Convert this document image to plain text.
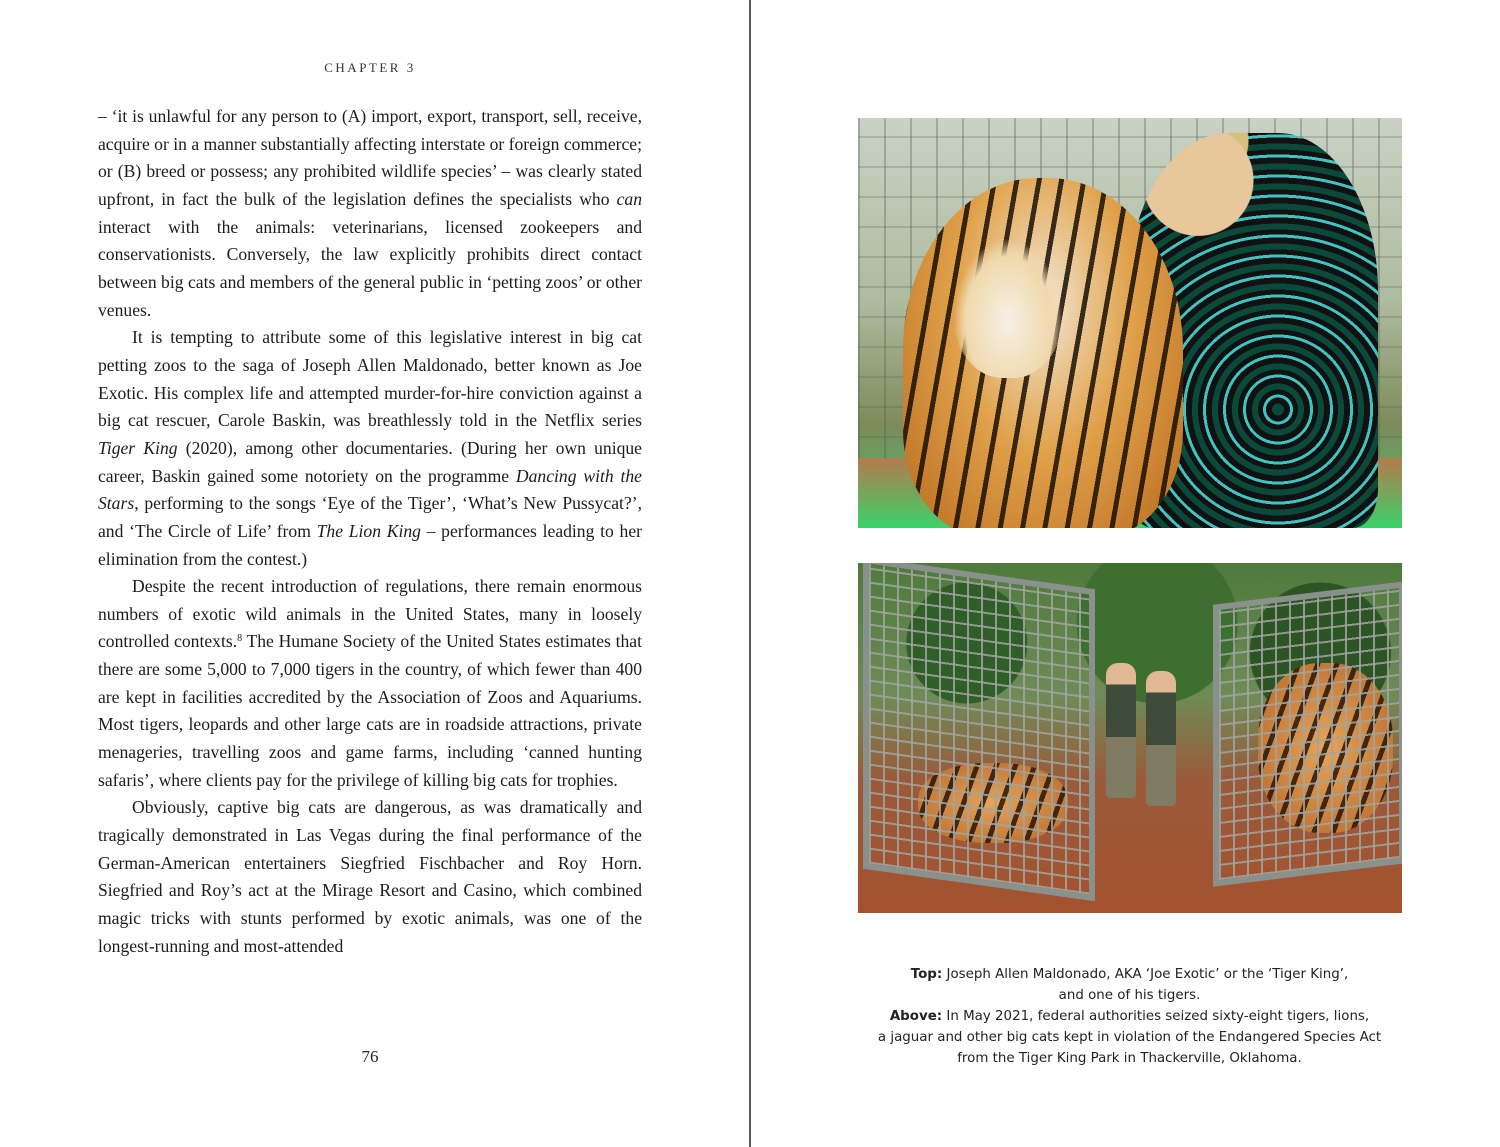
CHAPTER 3

– ‘it is unlawful for any person to (A) import, export, transport, sell, receive, acquire or in a manner substantially affecting interstate or foreign commerce; or (B) breed or possess; any prohibited wildlife species’ – was clearly stated upfront, in fact the bulk of the legislation defines the specialists who can interact with the animals: veterinarians, licensed zookeepers and conservationists. Conversely, the law explicitly prohibits direct contact between big cats and members of the general public in ‘petting zoos’ or other venues.

It is tempting to attribute some of this legislative interest in big cat petting zoos to the saga of Joseph Allen Maldonado, better known as Joe Exotic. His complex life and attempted murder-for-hire conviction against a big cat rescuer, Carole Baskin, was breathlessly told in the Netflix series Tiger King (2020), among other documentaries. (During her own unique career, Baskin gained some notoriety on the programme Dancing with the Stars, performing to the songs ‘Eye of the Tiger’, ‘What’s New Pussycat?’, and ‘The Circle of Life’ from The Lion King – performances leading to her elimination from the contest.)

Despite the recent introduction of regulations, there remain enormous numbers of exotic wild animals in the United States, many in loosely controlled contexts.$^8$ The Humane Society of the United States estimates that there are some 5,000 to 7,000 tigers in the country, of which fewer than 400 are kept in facilities accredited by the Association of Zoos and Aquariums. Most tigers, leopards and other large cats are in roadside attractions, private menageries, travelling zoos and game farms, including ‘canned hunting safaris’, where clients pay for the privilege of killing big cats for trophies.

Obviously, captive big cats are dangerous, as was dramatically and tragically demonstrated in Las Vegas during the final performance of the German-American entertainers Siegfried Fischbacher and Roy Horn. Siegfried and Roy’s act at the Mirage Resort and Casino, which combined magic tricks with stunts performed by exotic animals, was one of the longest-running and most-attended

76
Top: Joseph Allen Maldonado, AKA ‘Joe Exotic’ or the ‘Tiger King’,
and one of his tigers.
Above: In May 2021, federal authorities seized sixty-eight tigers, lions,
a jaguar and other big cats kept in violation of the Endangered Species Act
from the Tiger King Park in Thackerville, Oklahoma.
